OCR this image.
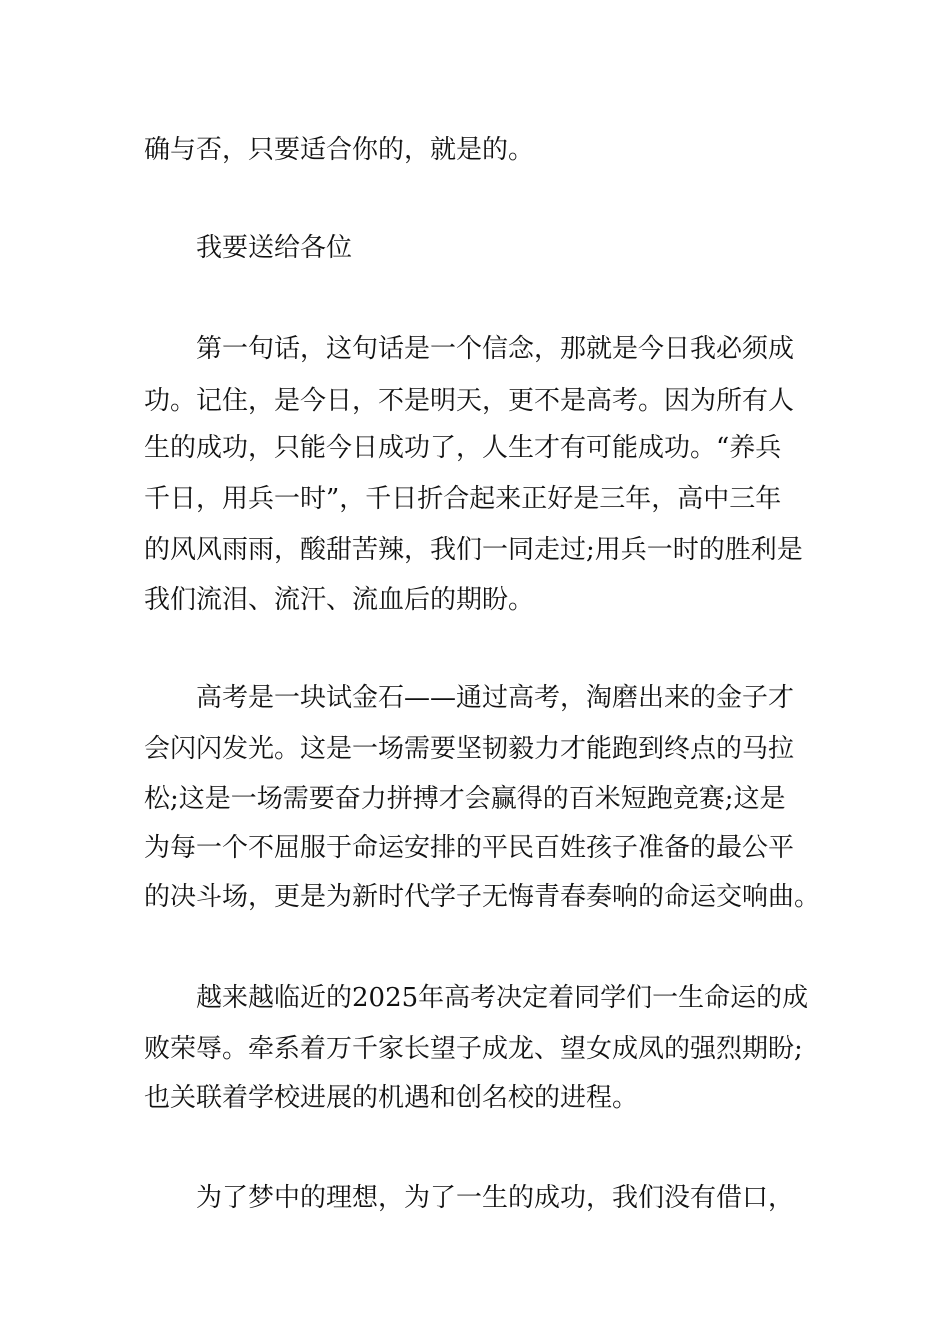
确与否，只要适合你的，就是的。
我要送给各位
第一句话，这句话是一个信念，那就是今日我必须成
功。记住，是今日，不是明天，更不是高考。因为所有人
生的成功，只能今日成功了，人生才有可能成功。“养兵
千日，用兵一时”，千日折合起来正好是三年，高中三年
的风风雨雨，酸甜苦辣，我们一同走过;用兵一时的胜利是
我们流泪、流汗、流血后的期盼。
高考是一块试金石——通过高考，淘磨出来的金子才
会闪闪发光。这是一场需要坚韧毅力才能跑到终点的马拉
松;这是一场需要奋力拼搏才会赢得的百米短跑竞赛;这是
为每一个不屈服于命运安排的平民百姓孩子准备的最公平
的决斗场，更是为新时代学子无悔青春奏响的命运交响曲。
越来越临近的2025年高考决定着同学们一生命运的成
败荣辱。牵系着万千家长望子成龙、望女成凤的强烈期盼;
也关联着学校进展的机遇和创名校的进程。
为了梦中的理想，为了一生的成功，我们没有借口，
